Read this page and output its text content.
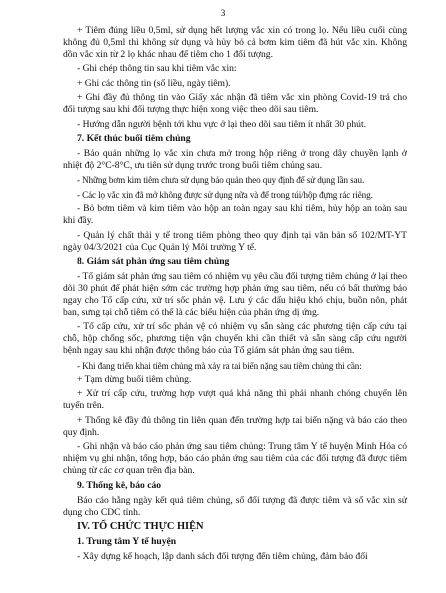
3

+ Tiêm đúng liều 0,5ml, sử dụng hết lượng vắc xin có trong lọ. Nếu liều cuối cùng không đủ 0,5ml thì không sử dụng và hủy bỏ cả bơm kim tiêm đã hút vắc xin. Không dồn vắc xin từ 2 lọ khác nhau để tiêm cho 1 đối tượng.

- Ghi chép thông tin sau khi tiêm vắc xin:

+ Ghi các thông tin (số liều, ngày tiêm).

+ Ghi đầy đủ thông tin vào Giấy xác nhận đã tiêm vắc xin phòng Covid-19 trả cho đối tượng sau khi đối tượng thực hiện xong việc theo dõi sau tiêm.

- Hướng dẫn người bệnh tới khu vực ở lại theo dõi sau tiêm ít nhất 30 phút.

7. Kết thúc buổi tiêm chủng

- Bảo quản những lọ vắc xin chưa mở trong hộp riêng ở trong dây chuyền lạnh ở nhiệt độ 2°C-8°C, ưu tiên sử dụng trước trong buổi tiêm chủng sau.

- Những bơm kim tiêm chưa sử dụng bảo quản theo quy định để sử dụng lần sau.

- Các lọ vắc xin đã mở không được sử dụng nữa và để trong túi/hộp đựng rác riêng.

- Bỏ bơm tiêm và kim tiêm vào hộp an toàn ngay sau khi tiêm, hủy hộp an toàn sau khi đầy.

- Quản lý chất thải y tế trong tiêm phòng theo quy định tại văn bản số 102/MT-YT ngày 04/3/2021 của Cục Quản lý Môi trường Y tế.

8. Giám sát phản ứng sau tiêm chủng

- Tổ giám sát phản ứng sau tiêm có nhiệm vụ yêu cầu đối tượng tiêm chủng ở lại theo dõi 30 phút để phát hiện sớm các trường hợp phản ứng sau tiêm, nếu có bất thường báo ngay cho Tổ cấp cứu, xử trí sốc phản vệ. Lưu ý các dấu hiệu khó chịu, buồn nôn, phát ban, sưng tại chỗ tiêm có thể là các biểu hiện của phản ứng dị ứng.

- Tổ cấp cứu, xử trí sốc phản vệ có nhiệm vụ sẵn sàng các phương tiện cấp cứu tại chỗ, hộp chống sốc, phương tiện vận chuyển khi cần thiết và sẵn sàng cấp cứu người bệnh ngay sau khi nhận được thông báo của Tổ giám sát phản ứng sau tiêm.

- Khi đang triển khai tiêm chủng mà xảy ra tai biến nặng sau tiêm chủng thì cần:

+ Tạm dừng buổi tiêm chủng.

+ Xử trí cấp cứu, trường hợp vượt quá khả năng thì phải nhanh chóng chuyển lên tuyến trên.

+ Thống kê đầy đủ thông tin liên quan đến trường hợp tai biến nặng và báo cáo theo quy định.

- Ghi nhận và báo cáo phản ứng sau tiêm chủng: Trung tâm Y tế huyện Minh Hóa có nhiệm vụ ghi nhận, tổng hợp, báo cáo phản ứng sau tiêm của các đối tượng đã được tiêm chủng từ các cơ quan trên địa bàn.

9. Thống kê, báo cáo

Báo cáo hằng ngày kết quả tiêm chủng, số đối tượng đã được tiêm và số vắc xin sử dụng cho CDC tỉnh.

IV. TỔ CHỨC THỰC HIỆN

1. Trung tâm Y tế huyện

- Xây dựng kế hoạch, lập danh sách đối tượng đến tiêm chủng, đảm bảo đối
